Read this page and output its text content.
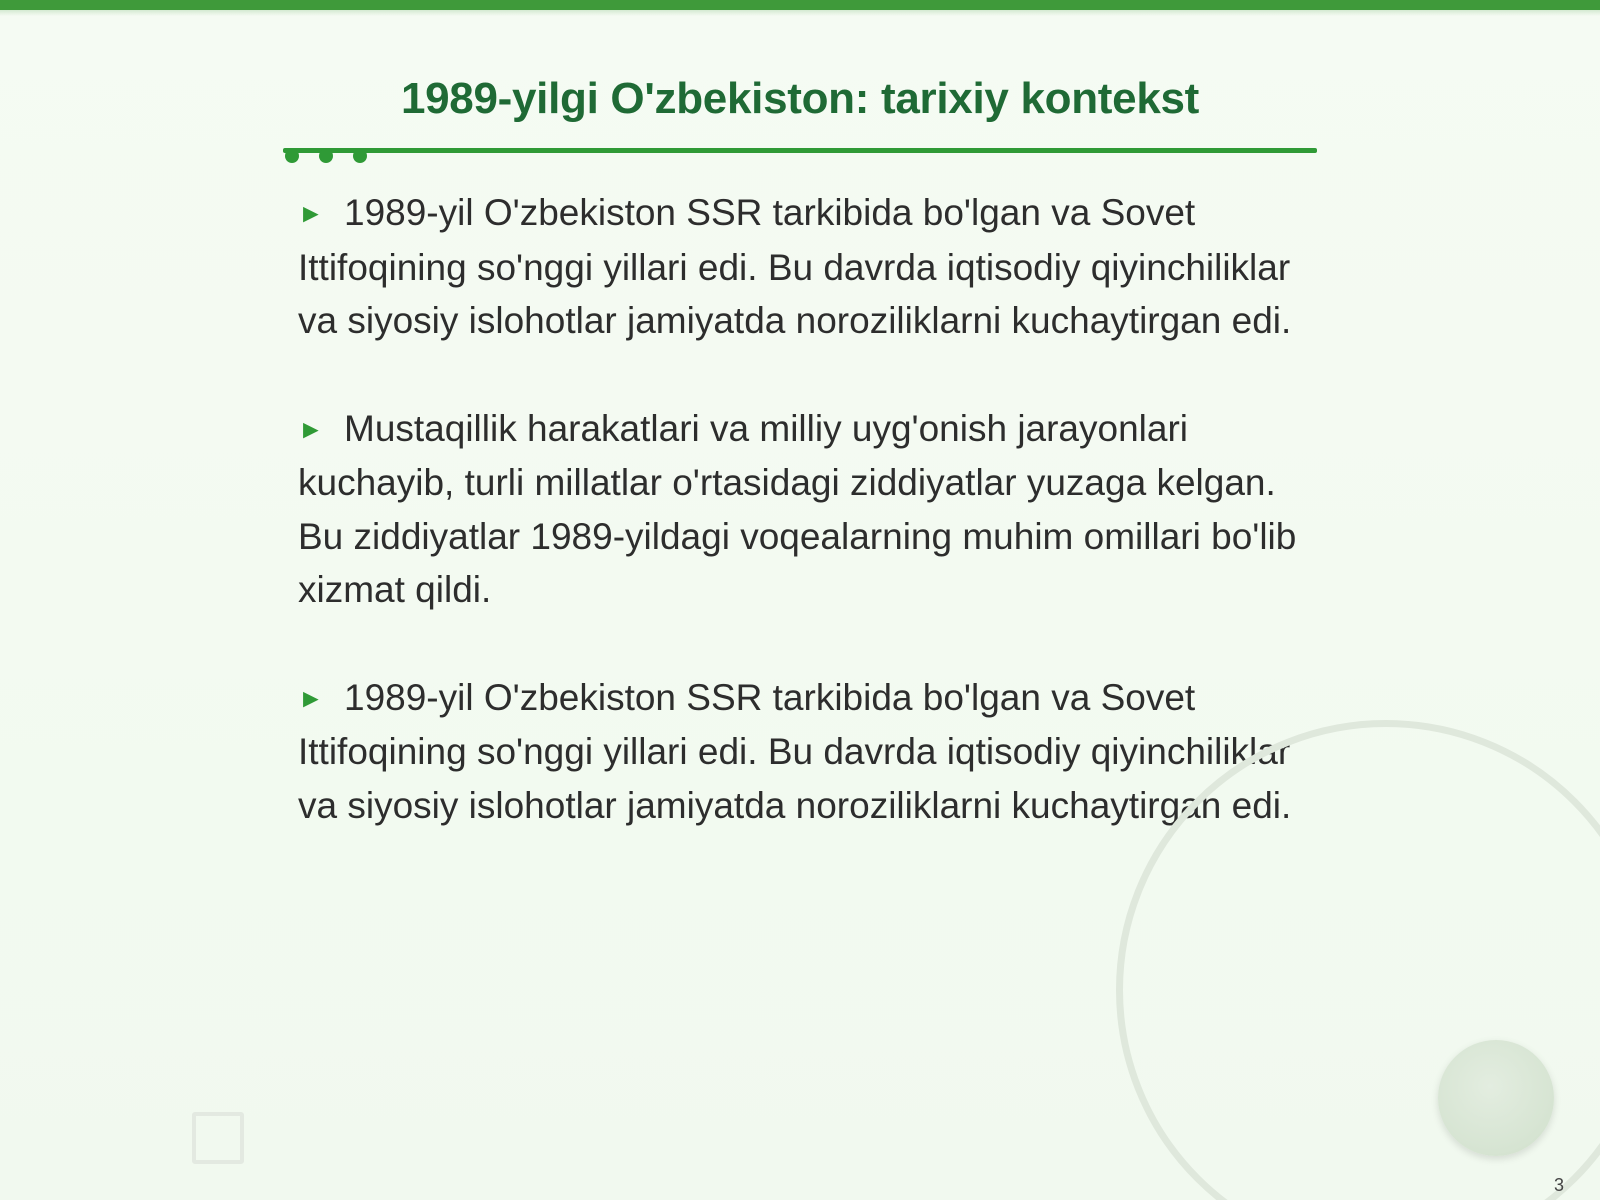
1989-yilgi O'zbekiston: tarixiy kontekst

► 1989-yil O'zbekiston SSR tarkibida bo'lgan va Sovet Ittifoqining so'nggi yillari edi. Bu davrda iqtisodiy qiyinchiliklar va siyosiy islohotlar jamiyatda noroziliklarni kuchaytirgan edi.

► Mustaqillik harakatlari va milliy uyg'onish jarayonlari kuchayib, turli millatlar o'rtasidagi ziddiyatlar yuzaga kelgan. Bu ziddiyatlar 1989-yildagi voqealarning muhim omillari bo'lib xizmat qildi.

► 1989-yil O'zbekiston SSR tarkibida bo'lgan va Sovet Ittifoqining so'nggi yillari edi. Bu davrda iqtisodiy qiyinchiliklar va siyosiy islohotlar jamiyatda noroziliklarni kuchaytirgan edi.

3
